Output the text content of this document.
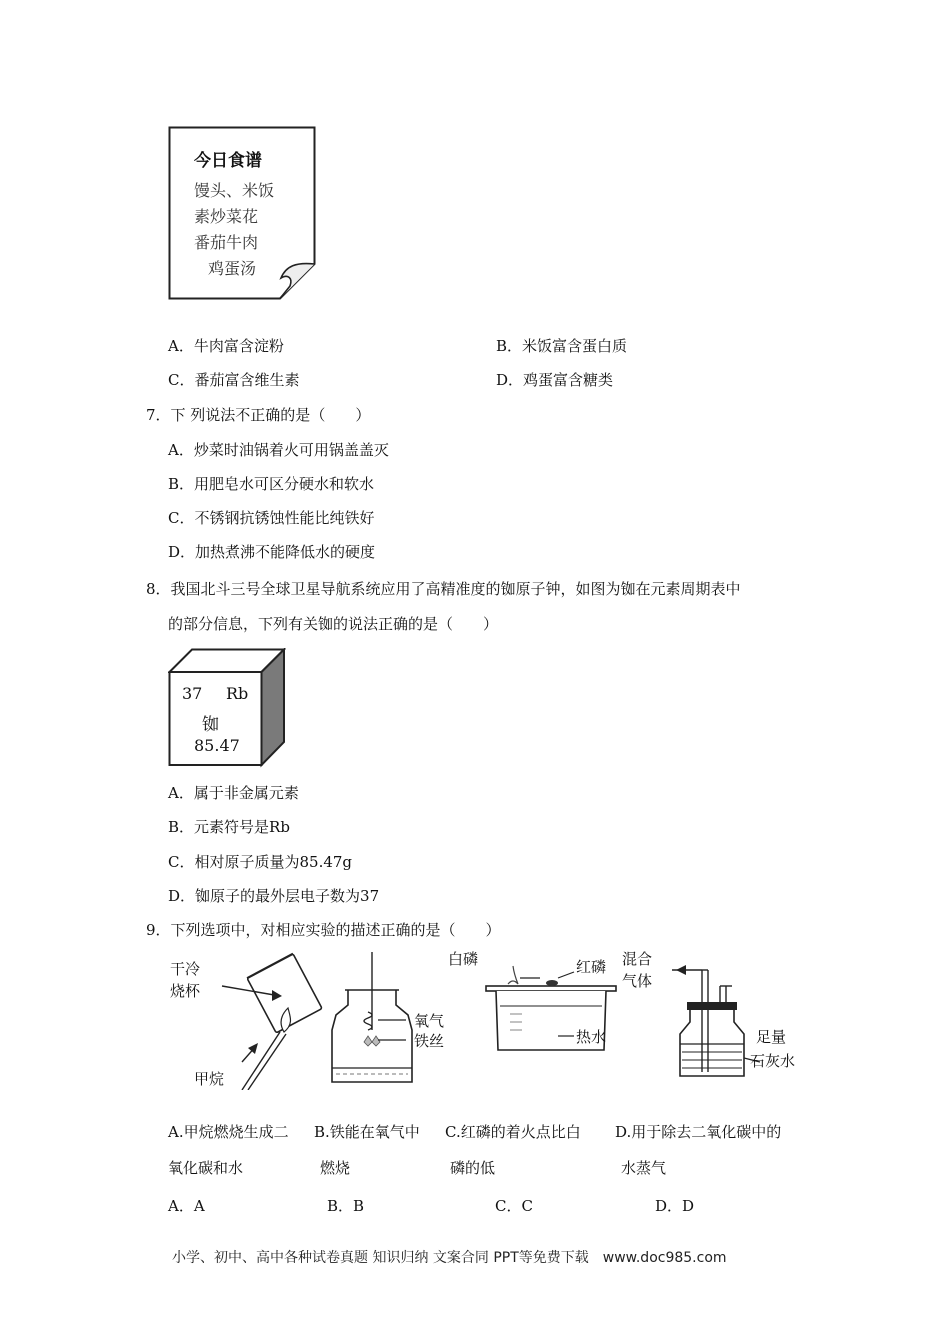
今日食谱
馒头、米饭
素炒菜花
番茄牛肉
鸡蛋汤
A．牛肉富含淀粉	B．米饭富含蛋白质
C．番茄富含维生素	D．鸡蛋富含糖类
7．下 列说法不正确的是（　　）
A．炒菜时油锅着火可用锅盖盖灭
B．用肥皂水可区分硬水和软水
C．不锈钢抗锈蚀性能比纯铁好
D．加热煮沸不能降低水的硬度
8．我国北斗三号全球卫星导航系统应用了高精准度的铷原子钟，如图为铷在元素周期表中
的部分信息，下列有关铷的说法正确的是（　　）
37 Rb
铷
85.47
A．属于非金属元素
B．元素符号是Rb
C．相对原子质量为85.47g
D．铷原子的最外层电子数为37
9．下列选项中，对相应实验的描述正确的是（　　）
干冷
烧杯
甲烷
氧气
铁丝
白磷	红磷
热水
混合
气体
足量
石灰水
A.甲烷燃烧生成二 B.铁能在氧气中 C.红磷的着火点比白 D.用于除去二氧化碳中的
氧化碳和水	燃烧	磷的低	水蒸气
A．A	B．B	C．C	D．D
小学、初中、高中各种试卷真题 知识归纳 文案合同 PPT等免费下载　www.doc985.com
